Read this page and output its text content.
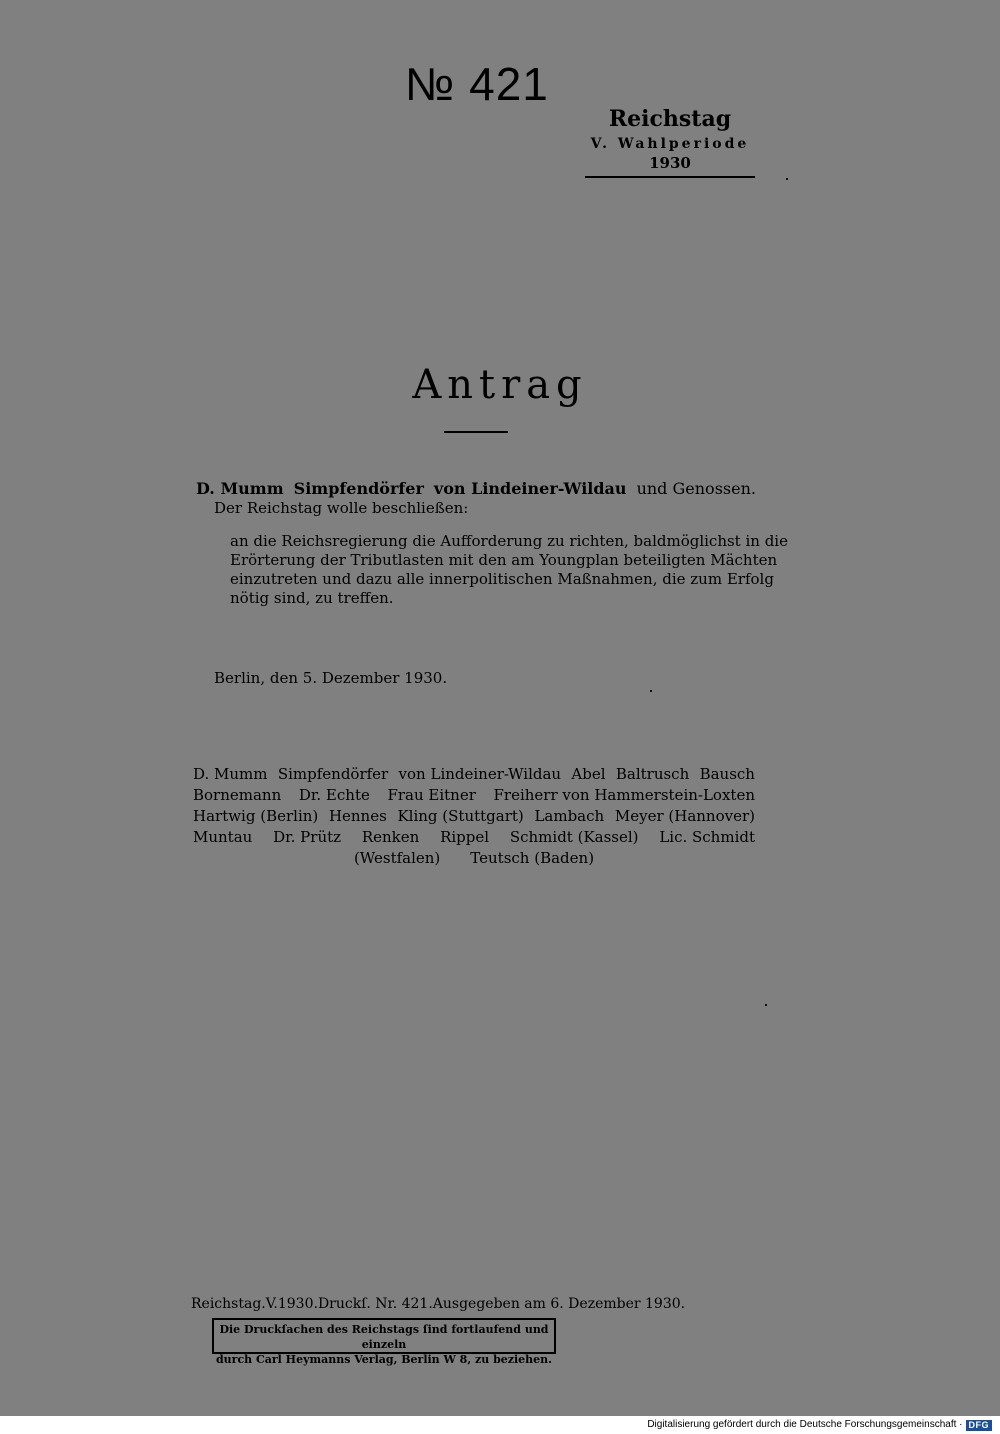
№ 421
Reichstag
V. Wahlperiode
1930
Antrag
D. Mumm Simpfendörfer von Lindeiner-Wildau und Genossen.
Der Reichstag wolle beschließen:
an die Reichsregierung die Aufforderung zu richten, baldmöglichst in die
Erörterung der Tributlasten mit den am Youngplan beteiligten Mächten
einzutreten und dazu alle innerpolitischen Maßnahmen, die zum Erfolg
nötig sind, zu treffen.
Berlin, den 5. Dezember 1930.
D. Mumm Simpfendörfer von Lindeiner-Wildau Abel Baltrusch Bausch
Bornemann Dr. Echte Frau Eitner Freiherr von Hammerstein-Loxten
Hartwig (Berlin) Hennes Kling (Stuttgart) Lambach Meyer (Hannover)
Muntau Dr. Prütz Renken Rippel Schmidt (Kassel) Lic. Schmidt
(Westfalen) Teutsch (Baden)
Reichstag. V. 1930. Druckſ. Nr. 421. Ausgegeben am 6. Dezember 1930.
Die Druckſachen des Reichstags ſind fortlaufend und einzeln
durch Carl Heymanns Verlag, Berlin W 8, zu beziehen.
Digitalisierung gefördert durch die Deutsche Forschungsgemeinschaft · DFG
